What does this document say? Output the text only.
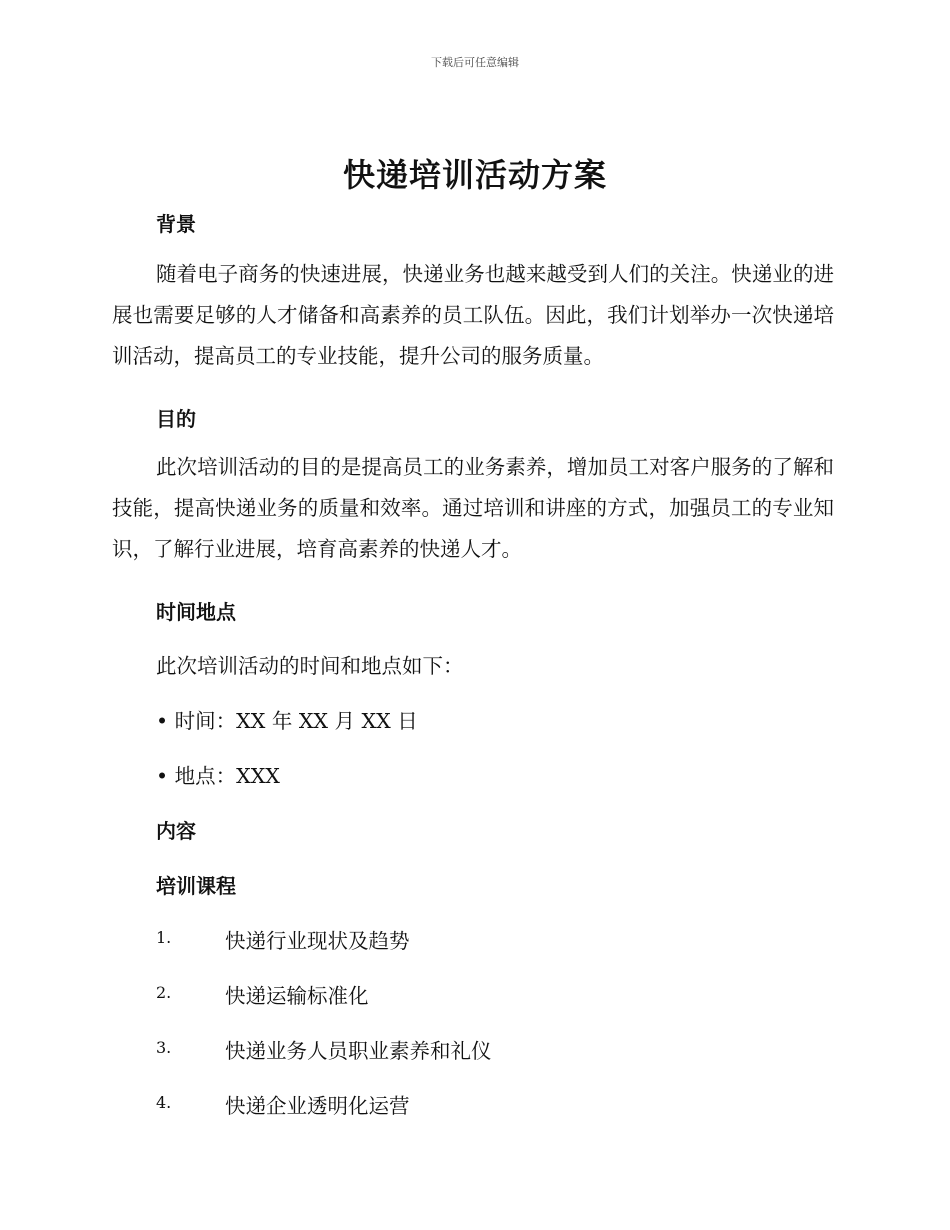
下载后可任意编辑
快递培训活动方案
背景
随着电子商务的快速进展，快递业务也越来越受到人们的关注。快递业的进展也需要足够的人才储备和高素养的员工队伍。因此，我们计划举办一次快递培训活动，提高员工的专业技能，提升公司的服务质量。
目的
此次培训活动的目的是提高员工的业务素养，增加员工对客户服务的了解和技能，提高快递业务的质量和效率。通过培训和讲座的方式，加强员工的专业知识，了解行业进展，培育高素养的快递人才。
时间地点
此次培训活动的时间和地点如下：
• 时间：XX 年 XX 月 XX 日
• 地点：XXX
内容
培训课程
1.	快递行业现状及趋势
2.	快递运输标准化
3.	快递业务人员职业素养和礼仪
4.	快递企业透明化运营
